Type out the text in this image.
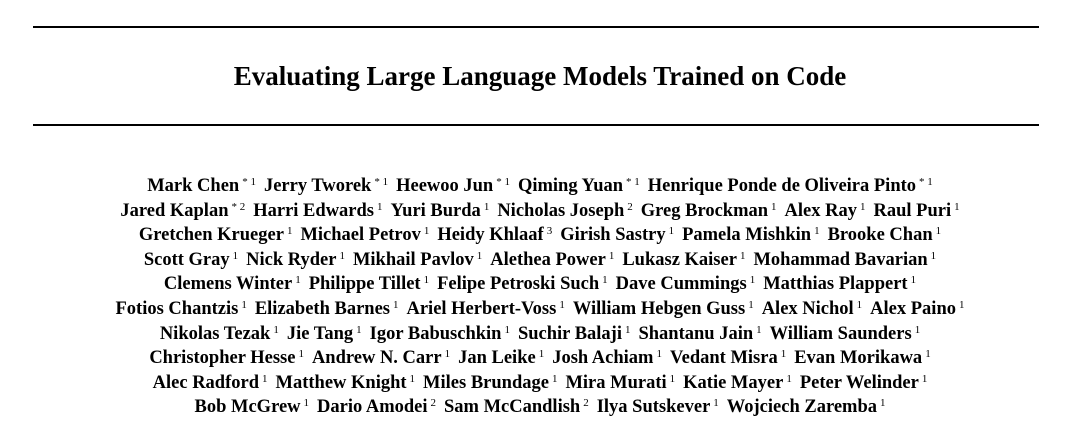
Evaluating Large Language Models Trained on Code
Mark Chen $^{* 1}$ Jerry Tworek $^{* 1}$ Heewoo Jun $^{* 1}$ Qiming Yuan $^{* 1}$ Henrique Ponde de Oliveira Pinto $^{* 1}$
Jared Kaplan $^{* 2}$ Harri Edwards $^1$ Yuri Burda $^1$ Nicholas Joseph $^2$ Greg Brockman $^1$ Alex Ray $^1$ Raul Puri $^1$
Gretchen Krueger $^1$ Michael Petrov $^1$ Heidy Khlaaf $^3$ Girish Sastry $^1$ Pamela Mishkin $^1$ Brooke Chan $^1$
Scott Gray $^1$ Nick Ryder $^1$ Mikhail Pavlov $^1$ Alethea Power $^1$ Lukasz Kaiser $^1$ Mohammad Bavarian $^1$
Clemens Winter $^1$ Philippe Tillet $^1$ Felipe Petroski Such $^1$ Dave Cummings $^1$ Matthias Plappert $^1$
Fotios Chantzis $^1$ Elizabeth Barnes $^1$ Ariel Herbert-Voss $^1$ William Hebgen Guss $^1$ Alex Nichol $^1$ Alex Paino $^1$
Nikolas Tezak $^1$ Jie Tang $^1$ Igor Babuschkin $^1$ Suchir Balaji $^1$ Shantanu Jain $^1$ William Saunders $^1$
Christopher Hesse $^1$ Andrew N. Carr $^1$ Jan Leike $^1$ Josh Achiam $^1$ Vedant Misra $^1$ Evan Morikawa $^1$
Alec Radford $^1$ Matthew Knight $^1$ Miles Brundage $^1$ Mira Murati $^1$ Katie Mayer $^1$ Peter Welinder $^1$
Bob McGrew $^1$ Dario Amodei $^2$ Sam McCandlish $^2$ Ilya Sutskever $^1$ Wojciech Zaremba $^1$
